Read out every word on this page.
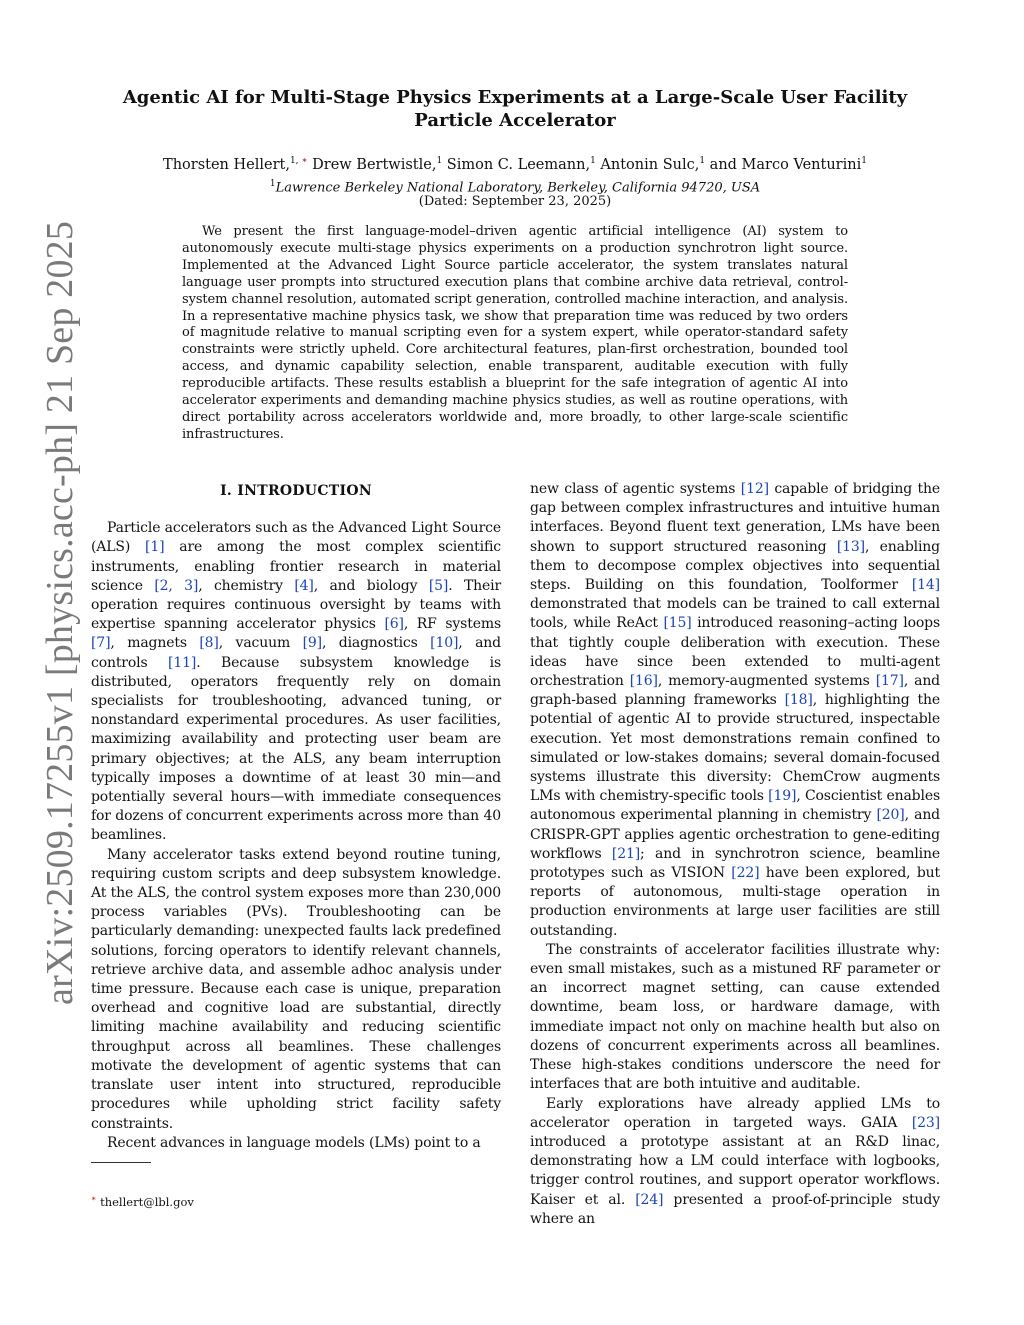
arXiv:2509.17255v1 [physics.acc-ph] 21 Sep 2025
Agentic AI for Multi-Stage Physics Experiments at a Large-Scale User Facility
Particle Accelerator
Thorsten Hellert,$^{1,}$ ∗ Drew Bertwistle,$^1$ Simon C. Leemann,$^1$ Antonin Sulc,$^1$ and Marco Venturini$^1$
$^1$Lawrence Berkeley National Laboratory, Berkeley, California 94720, USA
(Dated: September 23, 2025)

We present the first language-model–driven agentic artificial intelligence (AI) system to autonomously execute multi-stage physics experiments on a production synchrotron light source. Implemented at the Advanced Light Source particle accelerator, the system translates natural language user prompts into structured execution plans that combine archive data retrieval, control-system channel resolution, automated script generation, controlled machine interaction, and analysis. In a representative machine physics task, we show that preparation time was reduced by two orders of magnitude relative to manual scripting even for a system expert, while operator-standard safety constraints were strictly upheld. Core architectural features, plan-first orchestration, bounded tool access, and dynamic capability selection, enable transparent, auditable execution with fully reproducible artifacts. These results establish a blueprint for the safe integration of agentic AI into accelerator experiments and demanding machine physics studies, as well as routine operations, with direct portability across accelerators worldwide and, more broadly, to other large-scale scientific infrastructures.

I. INTRODUCTION

Particle accelerators such as the Advanced Light Source (ALS) [1] are among the most complex scientific instruments, enabling frontier research in material science [2, 3], chemistry [4], and biology [5]. Their operation requires continuous oversight by teams with expertise spanning accelerator physics [6], RF systems [7], magnets [8], vacuum [9], diagnostics [10], and controls [11]. Because subsystem knowledge is distributed, operators frequently rely on domain specialists for troubleshooting, advanced tuning, or nonstandard experimental procedures. As user facilities, maximizing availability and protecting user beam are primary objectives; at the ALS, any beam interruption typically imposes a downtime of at least 30 min—and potentially several hours—with immediate consequences for dozens of concurrent experiments across more than 40 beamlines.

Many accelerator tasks extend beyond routine tuning, requiring custom scripts and deep subsystem knowledge. At the ALS, the control system exposes more than 230,000 process variables (PVs). Troubleshooting can be particularly demanding: unexpected faults lack predefined solutions, forcing operators to identify relevant channels, retrieve archive data, and assemble adhoc analysis under time pressure. Because each case is unique, preparation overhead and cognitive load are substantial, directly limiting machine availability and reducing scientific throughput across all beamlines. These challenges motivate the development of agentic systems that can translate user intent into structured, reproducible procedures while upholding strict facility safety constraints.

Recent advances in language models (LMs) point to a

new class of agentic systems [12] capable of bridging the gap between complex infrastructures and intuitive human interfaces. Beyond fluent text generation, LMs have been shown to support structured reasoning [13], enabling them to decompose complex objectives into sequential steps. Building on this foundation, Toolformer [14] demonstrated that models can be trained to call external tools, while ReAct [15] introduced reasoning–acting loops that tightly couple deliberation with execution. These ideas have since been extended to multi-agent orchestration [16], memory-augmented systems [17], and graph-based planning frameworks [18], highlighting the potential of agentic AI to provide structured, inspectable execution. Yet most demonstrations remain confined to simulated or low-stakes domains; several domain-focused systems illustrate this diversity: ChemCrow augments LMs with chemistry-specific tools [19], Coscientist enables autonomous experimental planning in chemistry [20], and CRISPR-GPT applies agentic orchestration to gene-editing workflows [21]; and in synchrotron science, beamline prototypes such as VISION [22] have been explored, but reports of autonomous, multi-stage operation in production environments at large user facilities are still outstanding.

The constraints of accelerator facilities illustrate why: even small mistakes, such as a mistuned RF parameter or an incorrect magnet setting, can cause extended downtime, beam loss, or hardware damage, with immediate impact not only on machine health but also on dozens of concurrent experiments across all beamlines. These high-stakes conditions underscore the need for interfaces that are both intuitive and auditable.

Early explorations have already applied LMs to accelerator operation in targeted ways. GAIA [23] introduced a prototype assistant at an R&D linac, demonstrating how a LM could interface with logbooks, trigger control routines, and support operator workflows. Kaiser et al. [24] presented a proof-of-principle study where an

∗ thellert@lbl.gov
